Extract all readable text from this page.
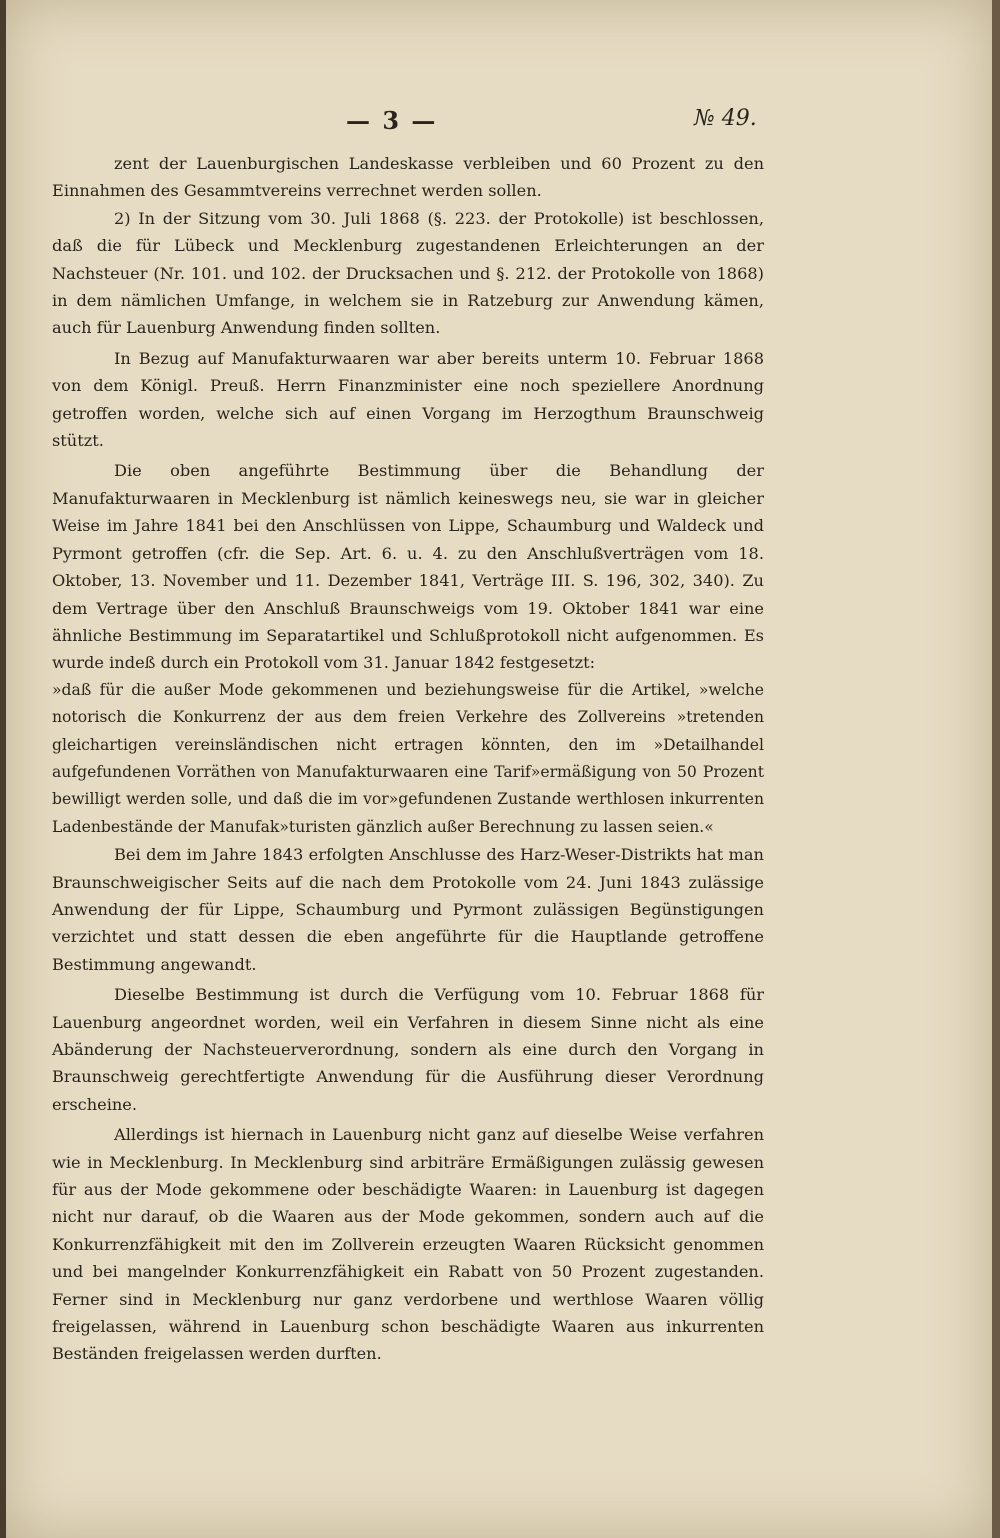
— 3 —	№ 49.

zent der Lauenburgischen Landeskasse verbleiben und 60 Prozent zu den Einnahmen des Gesammtvereins verrechnet werden sollen.

2) In der Sitzung vom 30. Juli 1868 (§. 223. der Protokolle) ist beschlossen, daß die für Lübeck und Mecklenburg zugestandenen Erleichterungen an der Nachsteuer (Nr. 101. und 102. der Drucksachen und §. 212. der Protokolle von 1868) in dem nämlichen Umfange, in welchem sie in Ratzeburg zur Anwendung kämen, auch für Lauenburg Anwendung finden sollten.

In Bezug auf Manufakturwaaren war aber bereits unterm 10. Februar 1868 von dem Königl. Preuß. Herrn Finanzminister eine noch speziellere Anordnung getroffen worden, welche sich auf einen Vorgang im Herzogthum Braunschweig stützt.

Die oben angeführte Bestimmung über die Behandlung der Manufakturwaaren in Mecklenburg ist nämlich keineswegs neu, sie war in gleicher Weise im Jahre 1841 bei den Anschlüssen von Lippe, Schaumburg und Waldeck und Pyrmont getroffen (cfr. die Sep. Art. 6. u. 4. zu den Anschlußverträgen vom 18. Oktober, 13. November und 11. Dezember 1841, Verträge III. S. 196, 302, 340). Zu dem Vertrage über den Anschluß Braunschweigs vom 19. Oktober 1841 war eine ähnliche Bestimmung im Separatartikel und Schlußprotokoll nicht aufgenommen. Es wurde indeß durch ein Protokoll vom 31. Januar 1842 festgesetzt:

»daß für die außer Mode gekommenen und beziehungsweise für die Artikel, »welche notorisch die Konkurrenz der aus dem freien Verkehre des Zollvereins »tretenden gleichartigen vereinsländischen nicht ertragen könnten, den im »Detailhandel aufgefundenen Vorräthen von Manufakturwaaren eine Tarif»ermäßigung von 50 Prozent bewilligt werden solle, und daß die im vor»gefundenen Zustande werthlosen inkurrenten Ladenbestände der Manufak»turisten gänzlich außer Berechnung zu lassen seien.«

Bei dem im Jahre 1843 erfolgten Anschlusse des Harz-Weser-Distrikts hat man Braunschweigischer Seits auf die nach dem Protokolle vom 24. Juni 1843 zulässige Anwendung der für Lippe, Schaumburg und Pyrmont zulässigen Begünstigungen verzichtet und statt dessen die eben angeführte für die Hauptlande getroffene Bestimmung angewandt.

Dieselbe Bestimmung ist durch die Verfügung vom 10. Februar 1868 für Lauenburg angeordnet worden, weil ein Verfahren in diesem Sinne nicht als eine Abänderung der Nachsteuerverordnung, sondern als eine durch den Vorgang in Braunschweig gerechtfertigte Anwendung für die Ausführung dieser Verordnung erscheine.

Allerdings ist hiernach in Lauenburg nicht ganz auf dieselbe Weise verfahren wie in Mecklenburg. In Mecklenburg sind arbiträre Ermäßigungen zulässig gewesen für aus der Mode gekommene oder beschädigte Waaren: in Lauenburg ist dagegen nicht nur darauf, ob die Waaren aus der Mode gekommen, sondern auch auf die Konkurrenzfähigkeit mit den im Zollverein erzeugten Waaren Rücksicht genommen und bei mangelnder Konkurrenzfähigkeit ein Rabatt von 50 Prozent zugestanden. Ferner sind in Mecklenburg nur ganz verdorbene und werthlose Waaren völlig freigelassen, während in Lauenburg schon beschädigte Waaren aus inkurrenten Beständen freigelassen werden durften.
